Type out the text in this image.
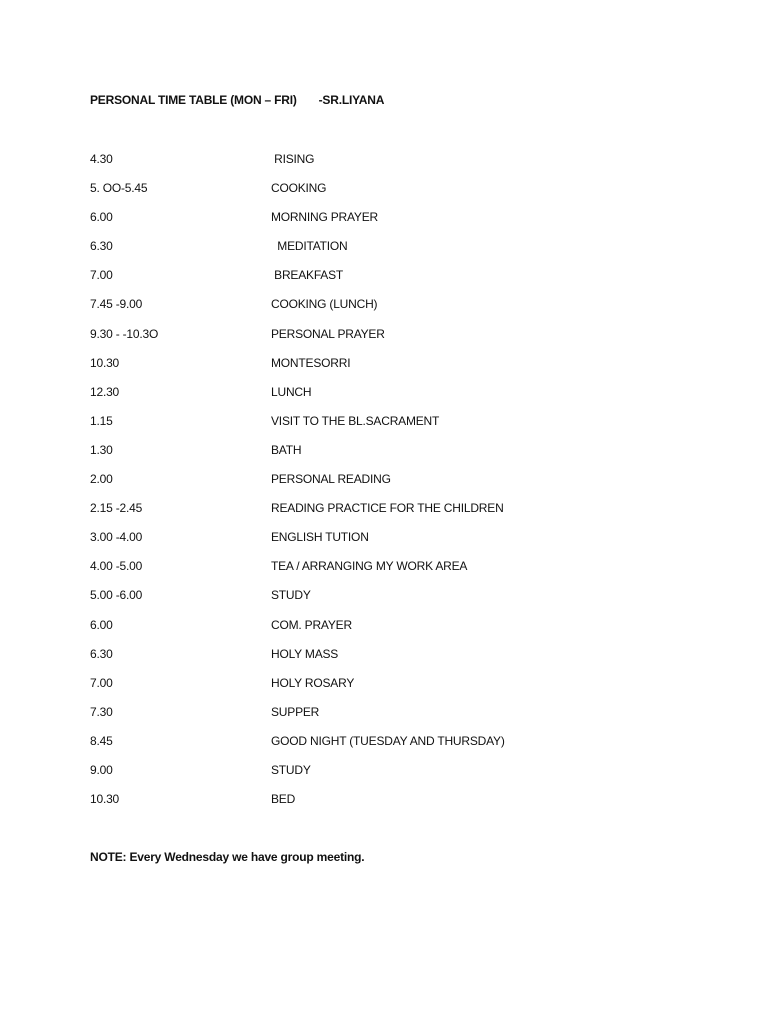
PERSONAL TIME TABLE (MON – FRI)       -SR.LIYANA
4.30	RISING
5. OO-5.45	COOKING
6.00	MORNING PRAYER
6.30	MEDITATION
7.00	BREAKFAST
7.45 -9.00	COOKING (LUNCH)
9.30 - -10.3O	PERSONAL PRAYER
10.30	MONTESORRI
12.30	LUNCH
1.15	VISIT TO THE BL.SACRAMENT
1.30	BATH
2.00	PERSONAL READING
2.15 -2.45	READING PRACTICE FOR THE CHILDREN
3.00 -4.00	ENGLISH TUTION
4.00 -5.00	TEA / ARRANGING MY WORK AREA
5.00 -6.00	STUDY
6.00	COM. PRAYER
6.30	HOLY MASS
7.00	HOLY ROSARY
7.30	SUPPER
8.45	GOOD NIGHT (TUESDAY AND THURSDAY)
9.00	STUDY
10.30	BED
NOTE: Every Wednesday we have group meeting.
